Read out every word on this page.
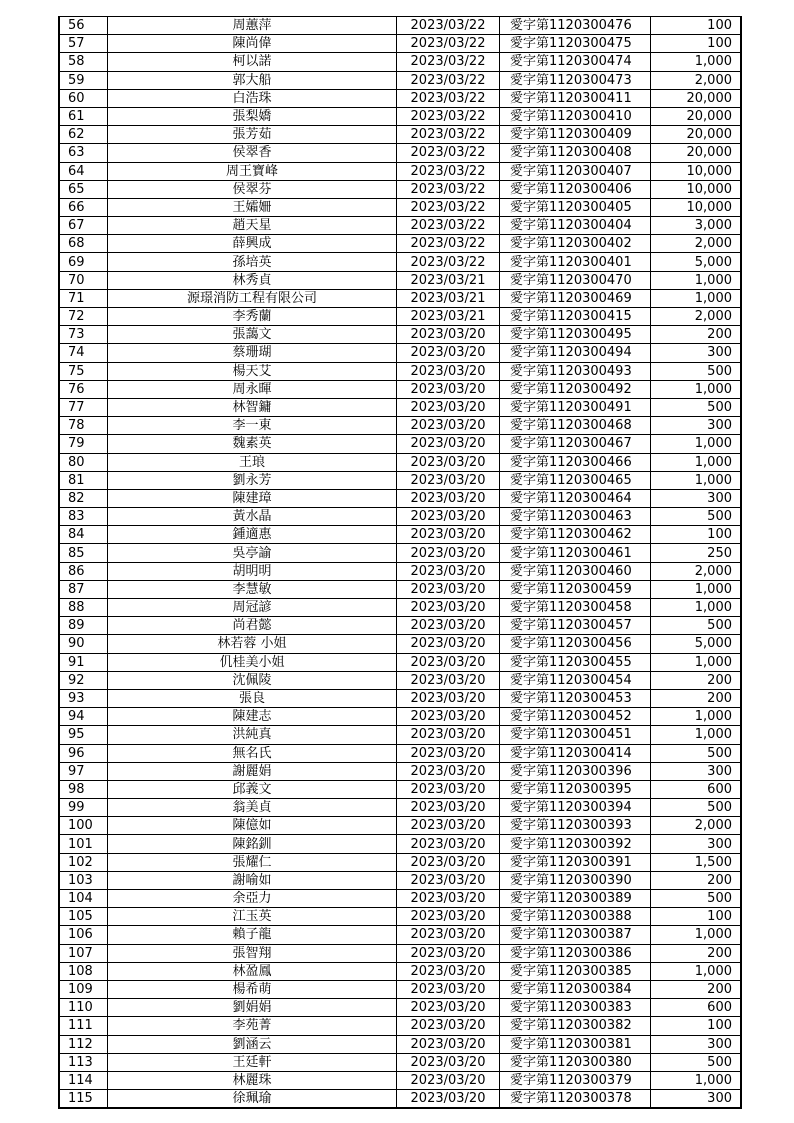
56	周蕙萍	2023/03/22	愛字第1120300476	100
57	陳尚偉	2023/03/22	愛字第1120300475	100
58	柯以諾	2023/03/22	愛字第1120300474	1,000
59	郭大船	2023/03/22	愛字第1120300473	2,000
60	白浩珠	2023/03/22	愛字第1120300411	20,000
61	張梨嬌	2023/03/22	愛字第1120300410	20,000
62	張芳茹	2023/03/22	愛字第1120300409	20,000
63	侯翠香	2023/03/22	愛字第1120300408	20,000
64	周王寶峰	2023/03/22	愛字第1120300407	10,000
65	侯翠芬	2023/03/22	愛字第1120300406	10,000
66	王孀姍	2023/03/22	愛字第1120300405	10,000
67	趙天星	2023/03/22	愛字第1120300404	3,000
68	薛興成	2023/03/22	愛字第1120300402	2,000
69	孫培英	2023/03/22	愛字第1120300401	5,000
70	林秀貞	2023/03/21	愛字第1120300470	1,000
71	源璟消防工程有限公司	2023/03/21	愛字第1120300469	1,000
72	李秀蘭	2023/03/21	愛字第1120300415	2,000
73	張藹文	2023/03/20	愛字第1120300495	200
74	蔡珊瑚	2023/03/20	愛字第1120300494	300
75	楊天艾	2023/03/20	愛字第1120300493	500
76	周永暉	2023/03/20	愛字第1120300492	1,000
77	林智鏞	2023/03/20	愛字第1120300491	500
78	李一東	2023/03/20	愛字第1120300468	300
79	魏素英	2023/03/20	愛字第1120300467	1,000
80	王琅	2023/03/20	愛字第1120300466	1,000
81	劉永芳	2023/03/20	愛字第1120300465	1,000
82	陳建璋	2023/03/20	愛字第1120300464	300
83	黃水晶	2023/03/20	愛字第1120300463	500
84	鍾適惠	2023/03/20	愛字第1120300462	100
85	吳亭諭	2023/03/20	愛字第1120300461	250
86	胡明明	2023/03/20	愛字第1120300460	2,000
87	李慧敏	2023/03/20	愛字第1120300459	1,000
88	周冠諺	2023/03/20	愛字第1120300458	1,000
89	尚君懿	2023/03/20	愛字第1120300457	500
90	林若蓉 小姐	2023/03/20	愛字第1120300456	5,000
91	仉桂美小姐	2023/03/20	愛字第1120300455	1,000
92	沈佩陵	2023/03/20	愛字第1120300454	200
93	張良	2023/03/20	愛字第1120300453	200
94	陳建志	2023/03/20	愛字第1120300452	1,000
95	洪純真	2023/03/20	愛字第1120300451	1,000
96	無名氏	2023/03/20	愛字第1120300414	500
97	謝麗娟	2023/03/20	愛字第1120300396	300
98	邱義文	2023/03/20	愛字第1120300395	600
99	翁美貞	2023/03/20	愛字第1120300394	500
100	陳億如	2023/03/20	愛字第1120300393	2,000
101	陳銘釧	2023/03/20	愛字第1120300392	300
102	張耀仁	2023/03/20	愛字第1120300391	1,500
103	謝喻如	2023/03/20	愛字第1120300390	200
104	余亞力	2023/03/20	愛字第1120300389	500
105	江玉英	2023/03/20	愛字第1120300388	100
106	賴子龍	2023/03/20	愛字第1120300387	1,000
107	張智翔	2023/03/20	愛字第1120300386	200
108	林盈鳳	2023/03/20	愛字第1120300385	1,000
109	楊希萌	2023/03/20	愛字第1120300384	200
110	劉娟娟	2023/03/20	愛字第1120300383	600
111	李苑菁	2023/03/20	愛字第1120300382	100
112	劉涵云	2023/03/20	愛字第1120300381	300
113	王廷軒	2023/03/20	愛字第1120300380	500
114	林麗珠	2023/03/20	愛字第1120300379	1,000
115	徐珮瑜	2023/03/20	愛字第1120300378	300
